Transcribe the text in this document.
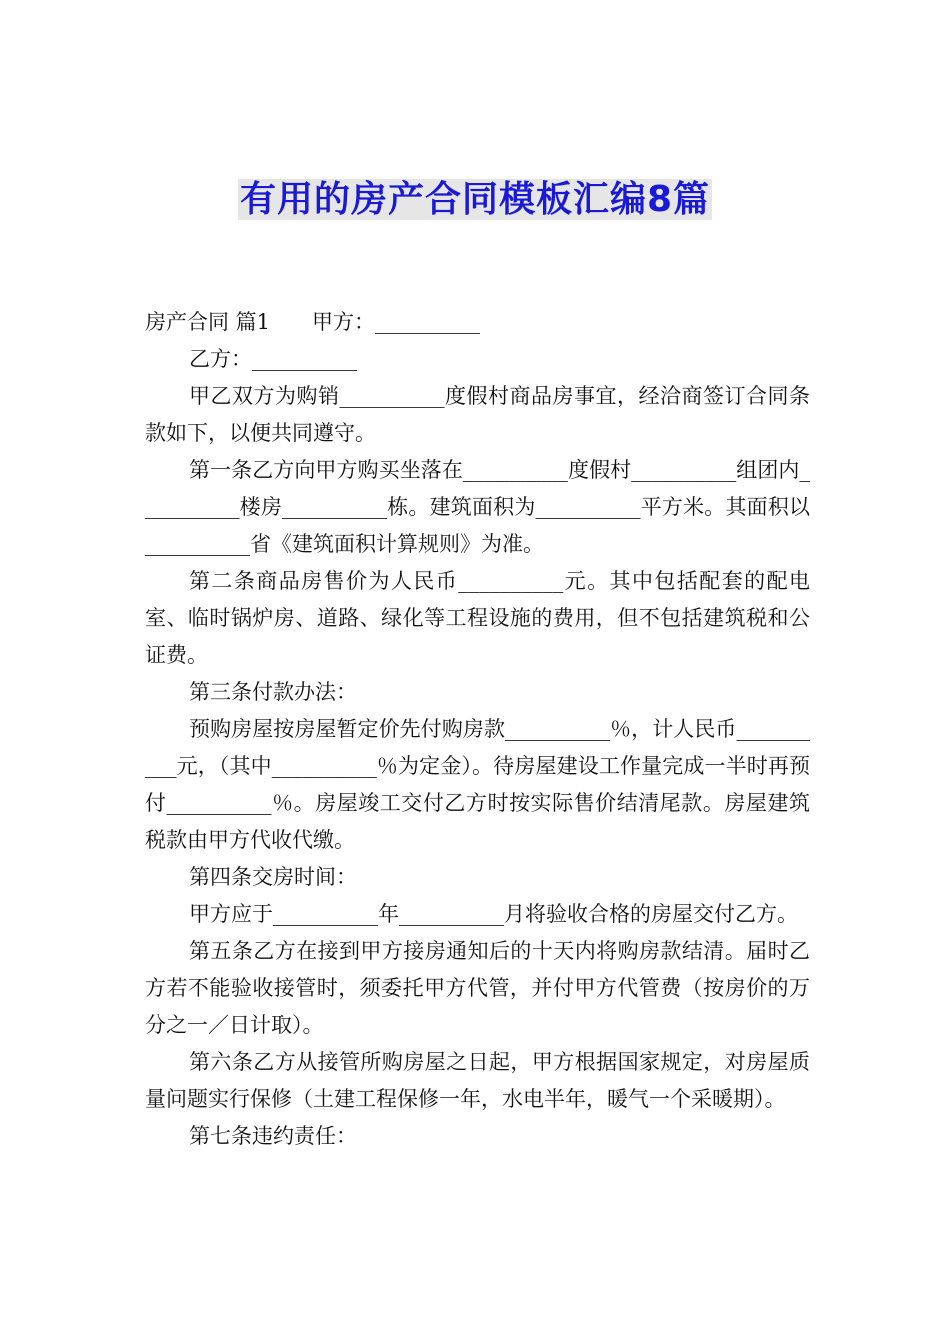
有用的房产合同模板汇编8篇

房产合同 篇1　　甲方：__________

乙方：__________

甲乙双方为购销__________度假村商品房事宜，经洽商签订合同条款如下，以便共同遵守。

第一条乙方向甲方购买坐落在__________度假村__________组团内__________楼房__________栋。建筑面积为__________平方米。其面积以__________省《建筑面积计算规则》为准。

第二条商品房售价为人民币__________元。其中包括配套的配电室、临时锅炉房、道路、绿化等工程设施的费用，但不包括建筑税和公证费。

第三条付款办法：

预购房屋按房屋暂定价先付购房款__________％，计人民币__________元，（其中__________％为定金）。待房屋建设工作量完成一半时再预付__________％。房屋竣工交付乙方时按实际售价结清尾款。房屋建筑税款由甲方代收代缴。

第四条交房时间：

甲方应于__________年__________月将验收合格的房屋交付乙方。

第五条乙方在接到甲方接房通知后的十天内将购房款结清。届时乙方若不能验收接管时，须委托甲方代管，并付甲方代管费（按房价的万分之一／日计取）。

第六条乙方从接管所购房屋之日起，甲方根据国家规定，对房屋质量问题实行保修（土建工程保修一年，水电半年，暖气一个采暖期）。

第七条违约责任：
